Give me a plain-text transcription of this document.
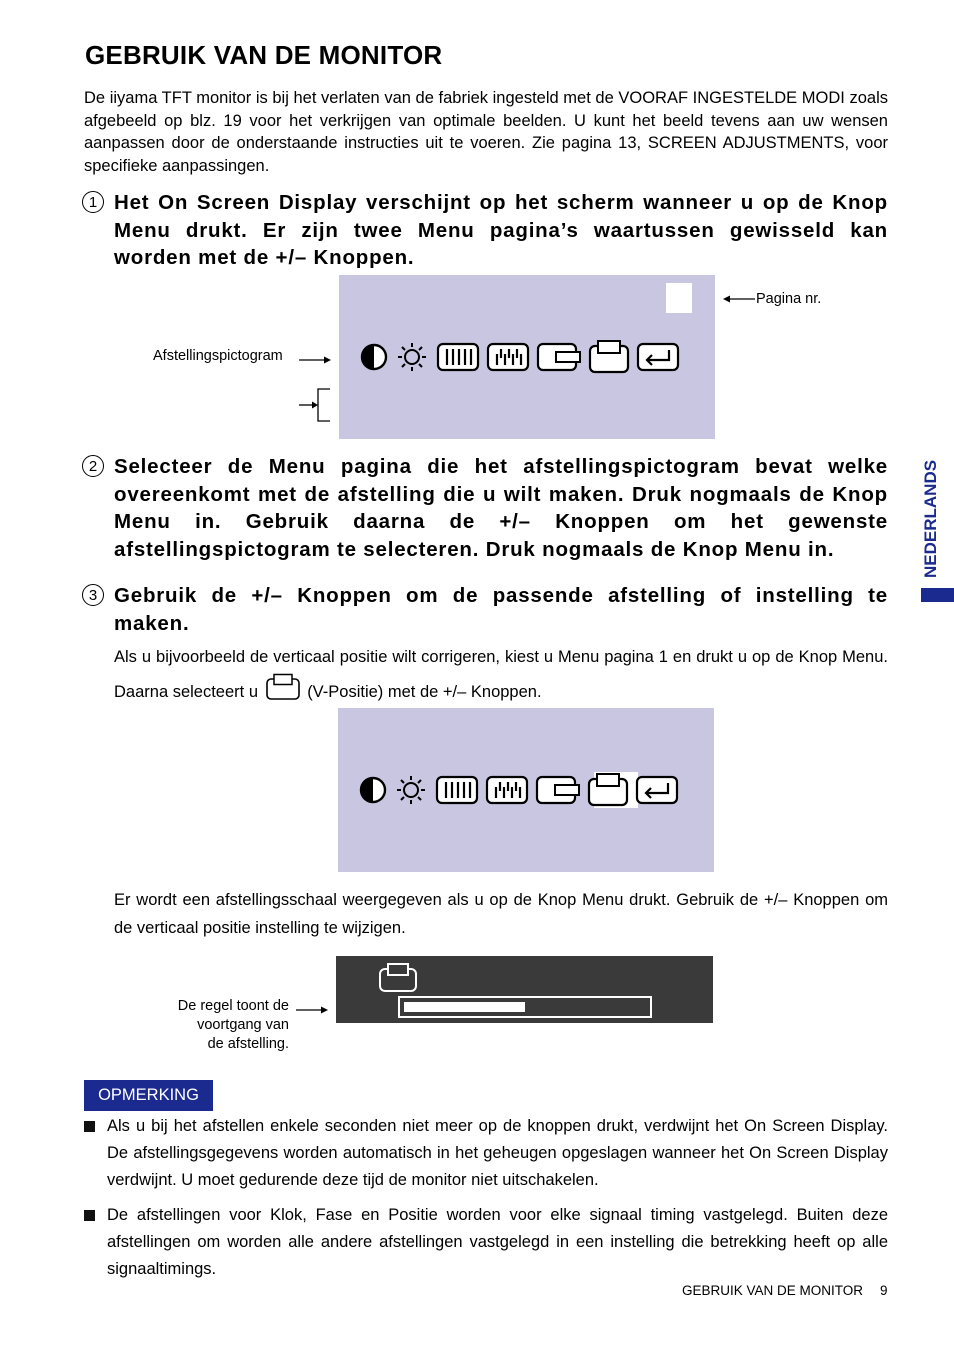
GEBRUIK VAN DE MONITOR
De iiyama TFT monitor is bij het verlaten van de fabriek ingesteld met de VOORAF INGESTELDE MODI zoals afgebeeld op blz. 19 voor het verkrijgen van optimale beelden. U kunt het beeld tevens aan uw wensen aanpassen door de onderstaande instructies uit te voeren. Zie pagina 13, SCREEN ADJUSTMENTS, voor specifieke aanpassingen.
1 Het On Screen Display verschijnt op het scherm wanneer u op de Knop Menu drukt. Er zijn twee Menu pagina’s waartussen gewisseld kan worden met de +/– Knoppen.
Pagina nr.
Afstellingspictogram
2 Selecteer de Menu pagina die het afstellingspictogram bevat welke overeenkomt met de afstelling die u wilt maken. Druk nogmaals de Knop Menu in. Gebruik daarna de +/– Knoppen om het gewenste afstellingspictogram te selecteren. Druk nogmaals de Knop Menu in.
3 Gebruik de +/– Knoppen om de passende afstelling of instelling te maken.
Als u bijvoorbeeld de verticaal positie wilt corrigeren, kiest u Menu pagina 1 en drukt u op de Knop Menu. Daarna selecteert u	(V-Positie) met de +/– Knoppen.
Er wordt een afstellingsschaal weergegeven als u op de Knop Menu drukt. Gebruik de +/– Knoppen om de verticaal positie instelling te wijzigen.
De regel toont de
voortgang van
de afstelling.
OPMERKING
Als u bij het afstellen enkele seconden niet meer op de knoppen drukt, verdwijnt het On Screen Display. De afstellingsgegevens worden automatisch in het geheugen opgeslagen wanneer het On Screen Display verdwijnt. U moet gedurende deze tijd de monitor niet uitschakelen.
De afstellingen voor Klok, Fase en Positie worden voor elke signaal timing vastgelegd. Buiten deze afstellingen om worden alle andere afstellingen vastgelegd in een instelling die betrekking heeft op alle signaaltimings.
NEDERLANDS
GEBRUIK VAN DE MONITOR 9
